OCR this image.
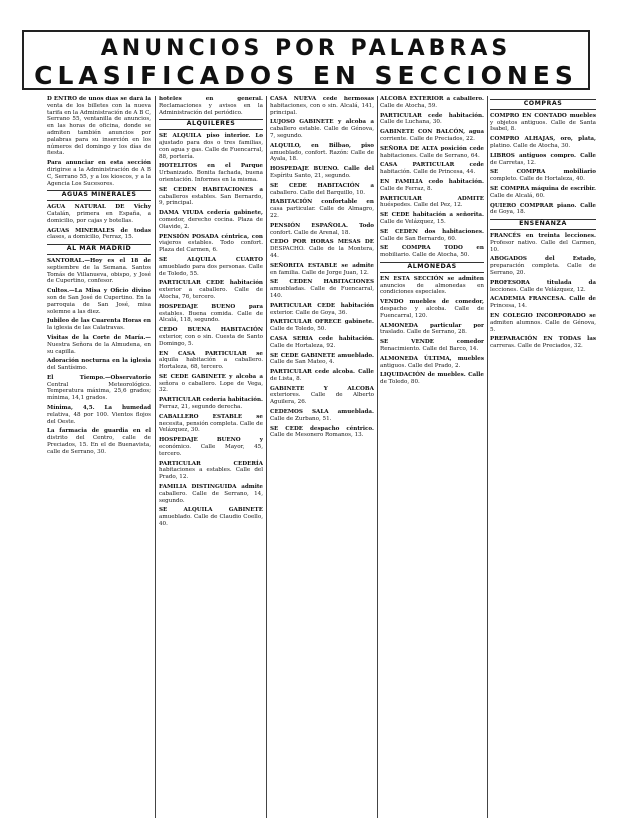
ANUNCIOS POR PALABRAS
CLASIFICADOS EN SECCIONES
D ENTRO de unos días se dará la venta de los billetes con la nueva tarifa en la Administración de A B C, Serrano 55, ventanilla de anuncios, en las horas de oficina, donde se admiten también anuncios por palabras para su inserción en los números del domingo y los días de fiesta.
Para anunciar en esta sección dirigirse a la Administración de A B C, Serrano 55, y a los kioscos, y a la Agencia Los Sucesores.
AGUAS MINERALES
AGUA NATURAL DE Vichy Catalán, primera en España, a domicilio, por cajas y botellas.
AGUAS MINERALES de todas clases, a domicilio, Ferraz, 15.
AL MAR MADRID
SANTORAL.—Hoy es el 18 de septiembre de la Semana. Santos Tomás de Villanueva, obispo, y José de Cupertino, confesor.
Cultos.—La Misa y Oficio divino son de San José de Cupertino. En la parroquia de San José, misa solemne a las diez.
Jubileo de las Cuarenta Horas en la iglesia de las Calatravas.
Visitas de la Corte de María.—Nuestra Señora de la Almudena, en su capilla.
Adoración nocturna en la iglesia del Santísimo.
El Tiempo.—Observatorio Central Meteorológico. Temperatura máxima, 25,6 grados; mínima, 14,1 grados.
Mínima, 4,5. La humedad relativa, 48 por 100. Vientos flojos del Oeste.
La farmacia de guardia en el distrito del Centro, calle de Preciados, 15. En el de Buenavista, calle de Serrano, 30.
hoteles en general. Reclamaciones y avisos en la Administración del periódico.
ALQUILERES
SE ALQUILA piso interior. Lo ajustado para dos o tres familias, con agua y gas. Calle de Fuencarral, 88, portería.
HOTELITOS en el Parque Urbanizado. Bonita fachada, buena orientación. Informes en la misma.
SE CEDEN HABITACIONES a caballeros estables. San Bernardo, 9, principal.
DAMA VIUDA cedería gabinete, comedor, derecho cocina. Plaza de Olavide, 2.
PENSIÓN POSADA céntrica, con viajeros estables. Todo confort. Plaza del Carmen, 6.
SE ALQUILA CUARTO amueblado para dos personas. Calle de Toledo, 55.
PARTICULAR CEDE habitación exterior a caballero. Calle de Atocha, 76, tercero.
HOSPEDAJE BUENO para estables. Buena comida. Calle de Alcalá, 118, segundo.
CEDO BUENA HABITACIÓN exterior, con o sin. Cuesta de Santo Domingo, 5.
EN CASA PARTICULAR se alquila habitación a caballero. Hortaleza, 68, tercero.
SE CEDE GABINETE y alcoba a señora o caballero. Lope de Vega, 32.
PARTICULAR cedería habitación. Ferraz, 21, segundo derecha.
CABALLERO ESTABLE se necesita, pensión completa. Calle de Velázquez, 30.
HOSPEDAJE BUENO y económico. Calle Mayor, 45, tercero.
PARTICULAR CEDERÍA habitaciones a estables. Calle del Prado, 12.
FAMILIA DISTINGUIDA admite caballero. Calle de Serrano, 14, segundo.
SE ALQUILA GABINETE amueblado. Calle de Claudio Coello, 40.
CASA NUEVA cede hermosas habitaciones, con o sin. Alcalá, 141, principal.
LUJOSO GABINETE y alcoba a caballero estable. Calle de Génova, 7, segundo.
ALQUILO, en Bilbao, piso amueblado, confort. Razón: Calle de Ayala, 18.
HOSPEDAJE BUENO. Calle del Espíritu Santo, 21, segundo.
SE CEDE HABITACIÓN a caballero. Calle del Barquillo, 10.
HABITACIÓN confortable en casa particular. Calle de Almagro, 22.
PENSIÓN ESPAÑOLA. Todo confort. Calle de Arenal, 18.
CEDO POR HORAS MESAS DE DESPACHO. Calle de la Montera, 44.
SEÑORITA ESTABLE se admite en familia. Calle de Jorge Juan, 12.
SE CEDEN HABITACIONES amuebladas. Calle de Fuencarral, 140.
PARTICULAR CEDE habitación exterior. Calle de Goya, 36.
PARTICULAR OFRECE gabinete. Calle de Toledo, 50.
CASA SERIA cede habitación. Calle de Hortaleza, 92.
SE CEDE GABINETE amueblado. Calle de San Mateo, 4.
PARTICULAR cede alcoba. Calle de Lista, 8.
GABINETE Y ALCOBA exteriores. Calle de Alberto Aguilera, 26.
CEDEMOS SALA amueblada. Calle de Zurbano, 51.
SE CEDE despacho céntrico. Calle de Mesonero Romanos, 13.
ALCOBA EXTERIOR a caballero. Calle de Atocha, 59.
PARTICULAR cede habitación. Calle de Luchana, 30.
GABINETE CON BALCÓN, agua corriente. Calle de Preciados, 22.
SEÑORA DE ALTA posición cede habitaciones. Calle de Serrano, 64.
CASA PARTICULAR cede habitación. Calle de Princesa, 44.
EN FAMILIA cedo habitación. Calle de Ferraz, 8.
PARTICULAR ADMITE huéspedes. Calle del Pez, 12.
SE CEDE habitación a señorita. Calle de Velázquez, 15.
SE CEDEN dos habitaciones. Calle de San Bernardo, 60.
SE COMPRA TODO en mobiliario. Calle de Atocha, 50.
ALMONEDAS
EN ESTA SECCIÓN se admiten anuncios de almonedas en condiciones especiales.
VENDO muebles de comedor, despacho y alcoba. Calle de Fuencarral, 120.
ALMONEDA particular por traslado. Calle de Serrano, 28.
SE VENDE comedor Renacimiento. Calle del Barco, 14.
ALMONEDA ÚLTIMA, muebles antiguos. Calle del Prado, 2.
LIQUIDACIÓN de muebles. Calle de Toledo, 80.
COMPRAS
COMPRO EN CONTADO muebles y objetos antiguos. Calle de Santa Isabel, 8.
COMPRO ALHAJAS, oro, plata, platino. Calle de Atocha, 30.
LIBROS antiguos compro. Calle de Carretas, 12.
SE COMPRA mobiliario completo. Calle de Hortaleza, 40.
SE COMPRA máquina de escribir. Calle de Alcalá, 60.
QUIERO COMPRAR piano. Calle de Goya, 18.
ENSEÑANZA
FRANCÉS en treinta lecciones. Profesor nativo. Calle del Carmen, 10.
ABOGADOS del Estado, preparación completa. Calle de Serrano, 20.
PROFESORA titulada da lecciones. Calle de Velázquez, 12.
ACADEMIA FRANCESA. Calle de Princesa, 14.
EN COLEGIO INCORPORADO se admiten alumnos. Calle de Génova, 5.
PREPARACIÓN EN TODAS las carreras. Calle de Preciados, 32.
